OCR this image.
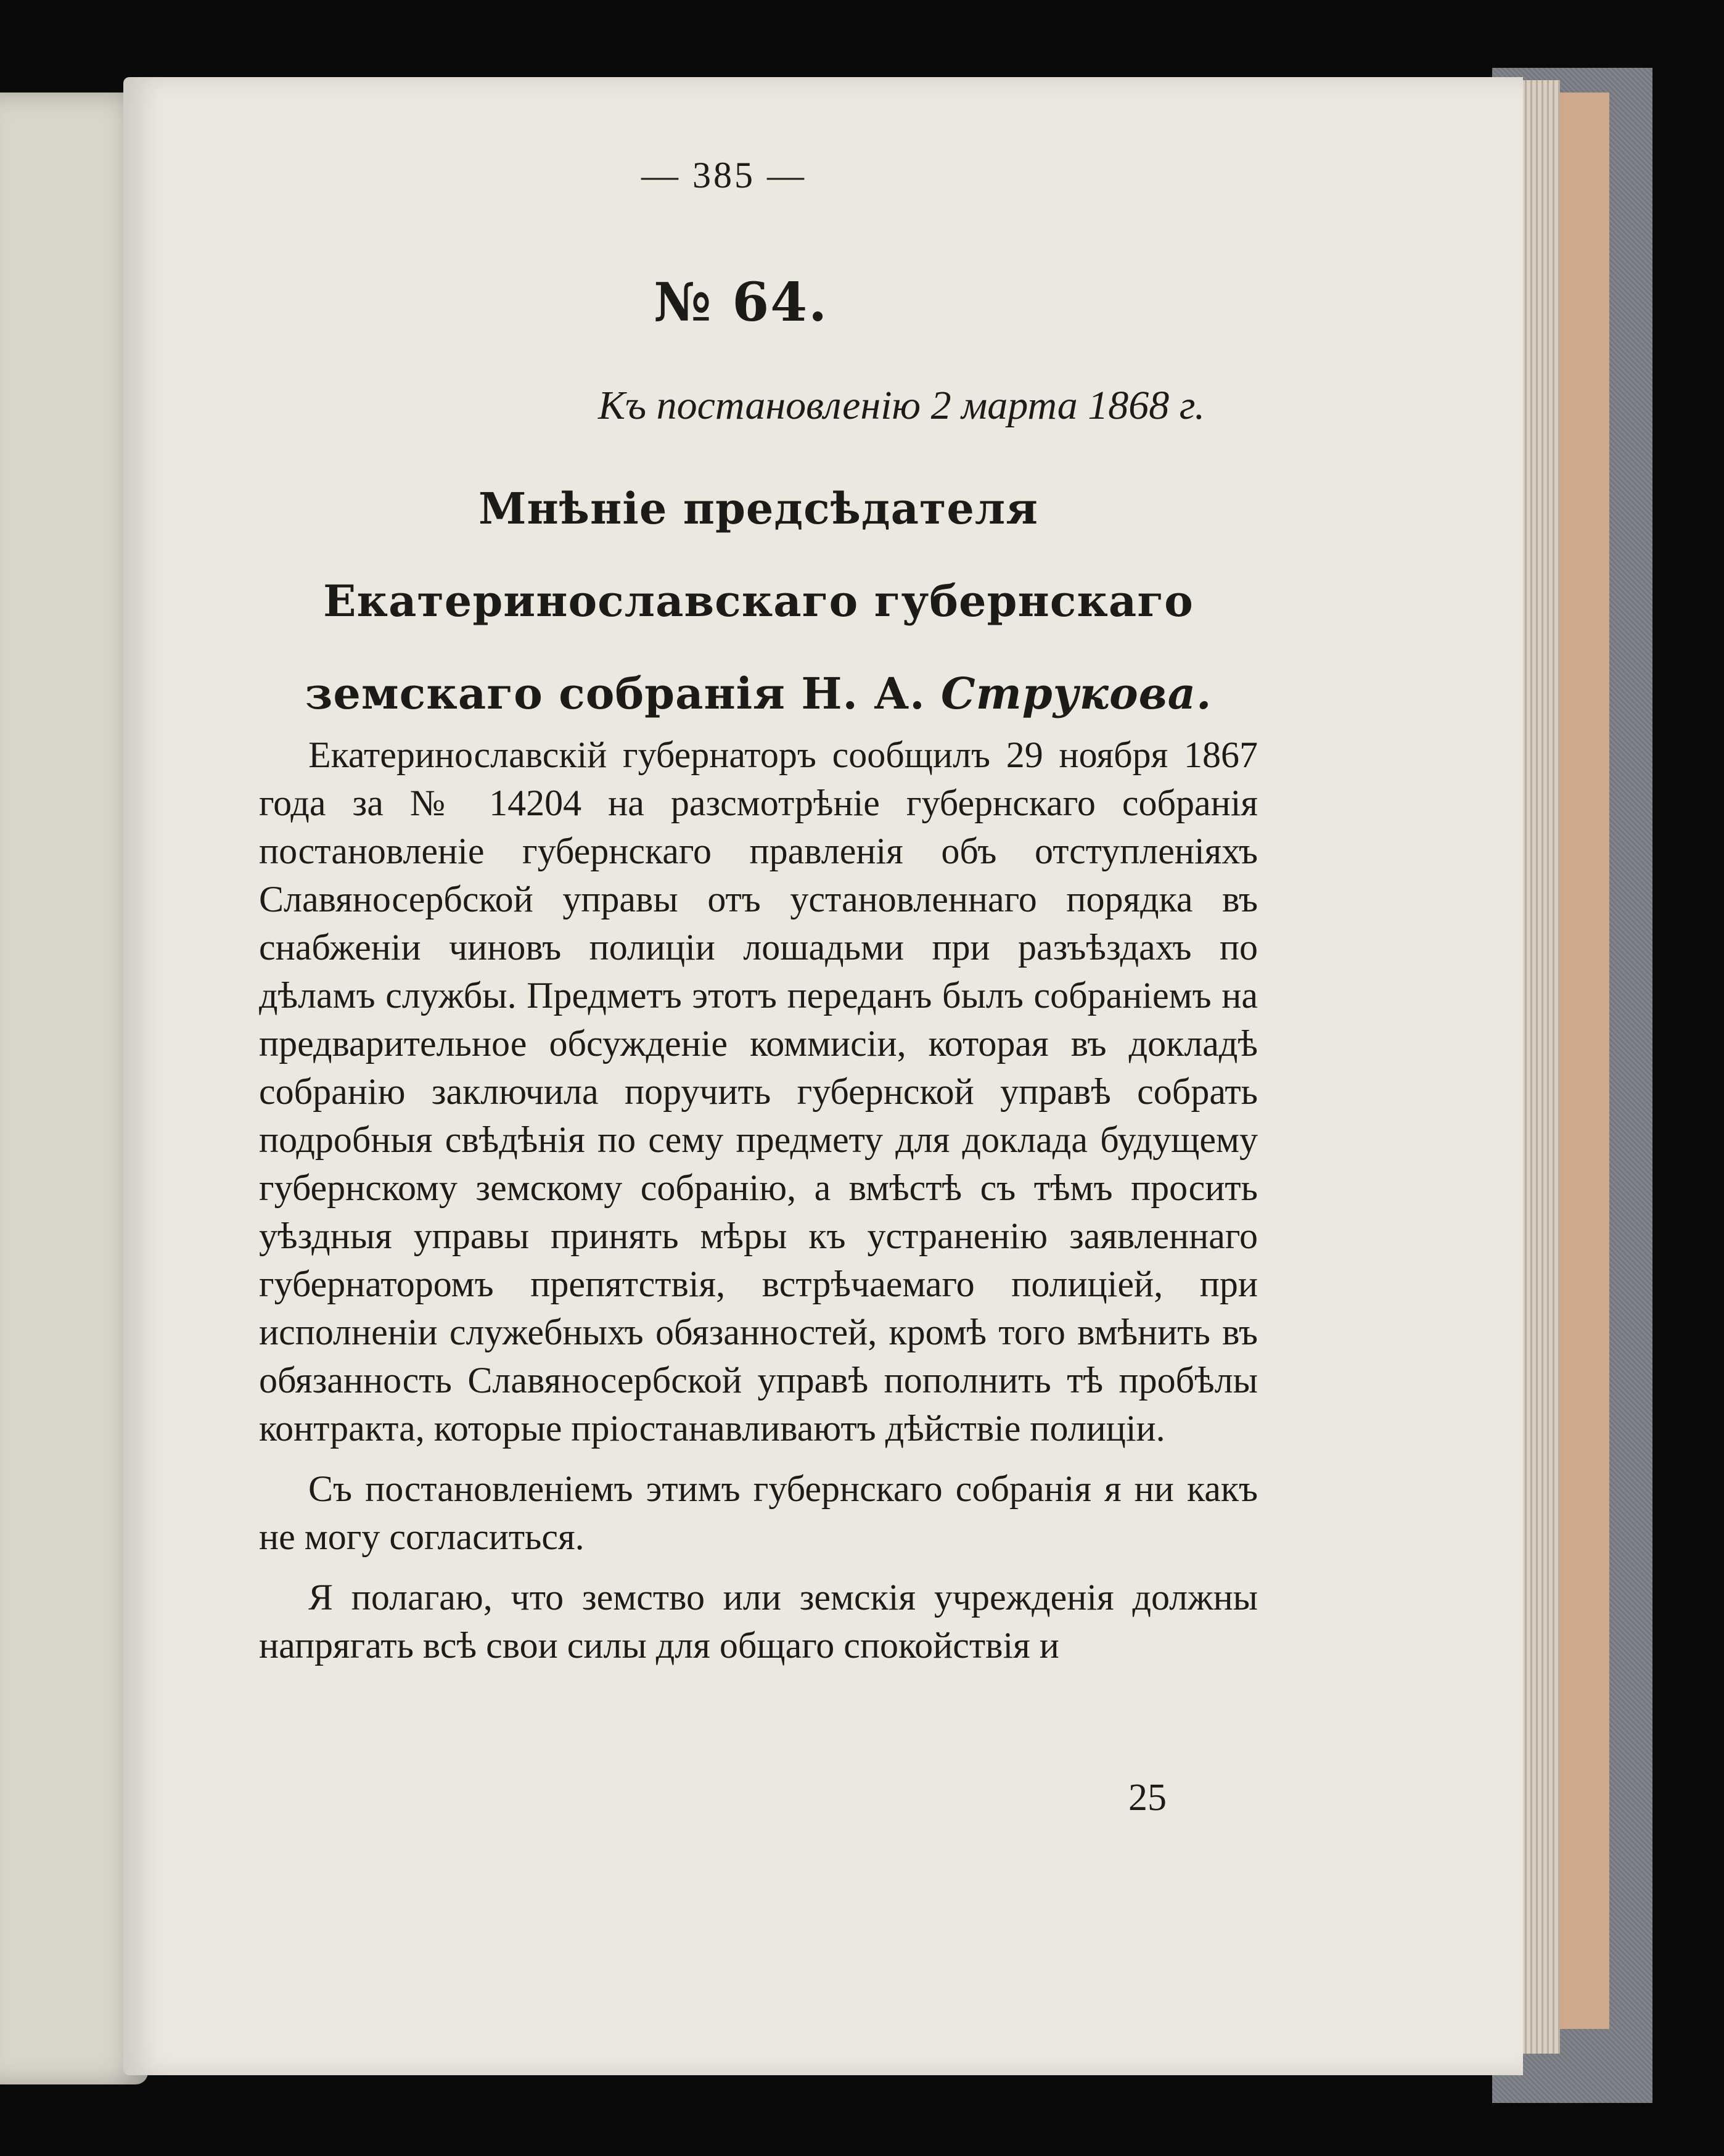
— 385 —
№ 64.
Къ постановленію 2 марта 1868 г.
Мнѣніе предсѣдателя Екатеринославскаго губернскаго земскаго собранія Н. А. Струкова.

Екатеринославскій губернаторъ сообщилъ 29 ноября 1867 года за № 14204 на разсмотрѣніе губернскаго собранія постановленіе губернскаго правленія объ отступленіяхъ Славяносербской управы отъ установленнаго порядка въ снабженіи чиновъ полиціи лошадьми при разъѣздахъ по дѣламъ службы. Предметъ этотъ переданъ былъ собраніемъ на предварительное обсужденіе коммисіи, которая въ докладѣ собранію заключила поручить губернской управѣ собрать подробныя свѣдѣнія по сему предмету для доклада будущему губернскому земскому собранію, а вмѣстѣ съ тѣмъ просить уѣздныя управы принять мѣры къ устраненію заявленнаго губернаторомъ препятствія, встрѣчаемаго полиціей, при исполненіи служебныхъ обязанностей, кромѣ того вмѣнить въ обязанность Славяносербской управѣ пополнить тѣ пробѣлы контракта, которые пріостанавливаютъ дѣйствіе полиціи.

Съ постановленіемъ этимъ губернскаго собранія я ни какъ не могу согласиться.

Я полагаю, что земство или земскія учрежденія должны напрягать всѣ свои силы для общаго спокойствія и

25
